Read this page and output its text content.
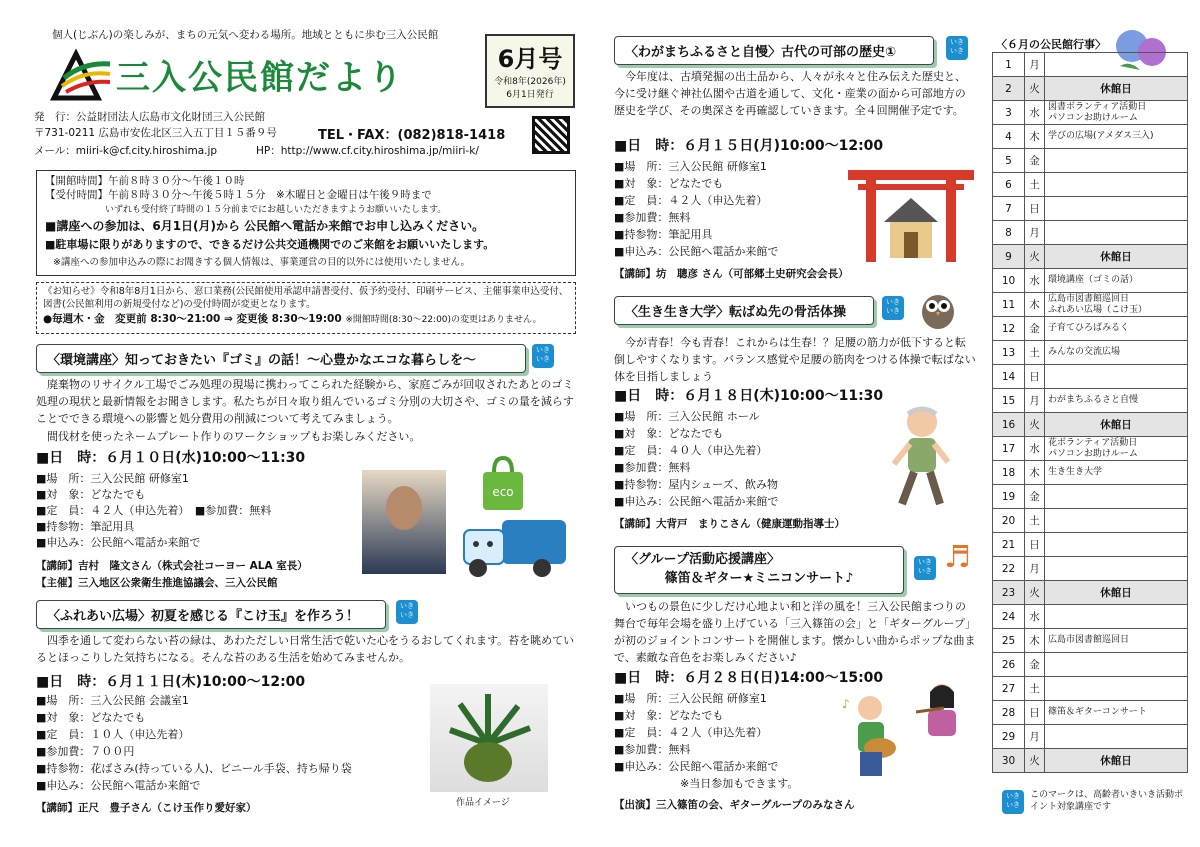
個人(じぶん)の楽しみが、まちの元気へ変わる場所。地域とともに歩む三入公民館
三入公民館だより	6月号
令和8年(2026年)
6月1日発行
発　行：公益財団法人広島市文化財団三入公民館
〒731-0211 広島市安佐北区三入五丁目１５番９号	TEL・FAX：(082)818-1418
メール：miiri-k@cf.city.hiroshima.jp	HP：http://www.cf.city.hiroshima.jp/miiri-k/
【開館時間】午前８時３０分～午後１０時
【受付時間】午前８時３０分～午後５時１５分　※木曜日と金曜日は午後９時まで
いずれも受付終了時間の１５分前までにお越しいただきますようお願いいたします。
■講座への参加は、6月1日(月)から 公民館へ電話か来館でお申し込みください。
■駐車場に限りがありますので、できるだけ公共交通機関でのご来館をお願いいたします。
※講座への参加申込みの際にお聞きする個人情報は、事業運営の目的以外には使用いたしません。
《お知らせ》令和8年8月1日から、窓口業務(公民館使用承認申請書受付、仮予約受付、印刷サービス、主催事業申込受付、図書(公民館利用の新規受付など)の受付時間が変更となります。
●毎週木・金　変更前 8:30～21:00 ⇒ 変更後 8:30～19:00 ※開館時間(8:30～22:00)の変更はありません。
〈環境講座〉知っておきたい『ゴミ』の話！～心豊かなエコな暮らしを～
いき いき
廃棄物のリサイクル工場でごみ処理の現場に携わってこられた経験から、家庭ごみが回収されたあとのゴミ処理の現状と最新情報をお聞きします。私たちが日々取り組んでいるゴミ分別の大切さや、ゴミの量を減らすことでできる環境への影響と処分費用の削減について考えてみましょう。
間伐材を使ったネームプレート作りのワークショップもお楽しみください。
■日　時：６月１０日(水)10:00～11:30
■場　所：三入公民館 研修室1
■対　象：どなたでも
■定　員：４２人（申込先着）　■参加費：無料
■持参物：筆記用具
■申込み：公民館へ電話か来館で
【講師】吉村　隆文さん（株式会社コーヨー ALA 室長）
【主催】三入地区公衆衛生推進協議会、三入公民館
eco
〈ふれあい広場〉初夏を感じる『こけ玉』を作ろう！
いき いき
四季を通して変わらない苔の緑は、あわただしい日常生活で乾いた心をうるおしてくれます。苔を眺めているとほっこりした気持ちになる。そんな苔のある生活を始めてみませんか。
■日　時：６月１１日(木)10:00～12:00
■場　所：三入公民館 会議室1
■対　象：どなたでも
■定　員：１０人（申込先着）
■参加費：７００円
■持参物：花ばさみ(持っている人)、ビニール手袋、持ち帰り袋
■申込み：公民館へ電話か来館で
【講師】正尺　豊子さん（こけ玉作り愛好家）	作品イメージ
〈わがまちふるさと自慢〉古代の可部の歴史①
いき いき
今年度は、古墳発掘の出土品から、人々が永々と住み伝えた歴史と、今に受け継ぐ神社仏閣や古道を通して、文化・産業の面から可部地方の歴史を学び、その奥深さを再確認していきます。全４回開催予定です。
■日　時：６月１５日(月)10:00～12:00
■場　所：三入公民館 研修室1
■対　象：どなたでも
■定　員：４２人（申込先着）
■参加費：無料
■持参物：筆記用具
■申込み：公民館へ電話か来館で
【講師】坊　聰彦 さん（可部郷土史研究会会長）
〈生き生き大学〉転ばぬ先の骨活体操
いき いき
今が青春！今も青春！これからは生春！？足腰の筋力が低下すると転倒しやすくなります。バランス感覚や足腰の筋肉をつける体操で転ばない体を目指しましょう
■日　時：６月１８日(木)10:00～11:30
■場　所：三入公民館 ホール
■対　象：どなたでも
■定　員：４０人（申込先着）
■参加費：無料
■持参物：屋内シューズ、飲み物
■申込み：公民館へ電話か来館で
【講師】大背戸　まりこさん（健康運動指導士）
〈グループ活動応援講座〉
篠笛＆ギター★ミニコンサート♪
いき いき ♬
いつもの景色に少しだけ心地よい和と洋の風を！三入公民館まつりの舞台で毎年会場を盛り上げている「三入篠笛の会」と「ギターグループ」が初のジョイントコンサートを開催します。懐かしい曲からポップな曲まで、素敵な音色をお楽しみください♪
■日　時：６月２８日(日)14:00～15:00
■場　所：三入公民館 研修室1
■対　象：どなたでも
■定　員：４２人（申込先着）
■参加費：無料
■申込み：公民館へ電話か来館で
※当日参加もできます。
【出演】三入篠笛の会、ギターグループのみなさん
♪
〈６月の公民館行事〉
1	月	
2	火	休館日
3	水	図書ボランティア活動日
パソコンお助けルーム
4	木	学びの広場(アメダス三入)
5	金	
6	土	
7	日	
8	月	
9	火	休館日
10	水	環境講座（ゴミの話）
11	木	広島市図書館巡回日
ふれあい広場（こけ玉）
12	金	子育てひろばみるく
13	土	みんなの交流広場
14	日	
15	月	わがまちふるさと自慢
16	火	休館日
17	水	花ボランティア活動日
パソコンお助けルーム
18	木	生き生き大学
19	金	
20	土	
21	日	
22	月	
23	火	休館日
24	水	
25	木	広島市図書館巡回日
26	金	
27	土	
28	日	篠笛＆ギターコンサート
29	月	
30	火	休館日
いき いき
このマークは、高齢者いきいき活動ポイント対象講座です
